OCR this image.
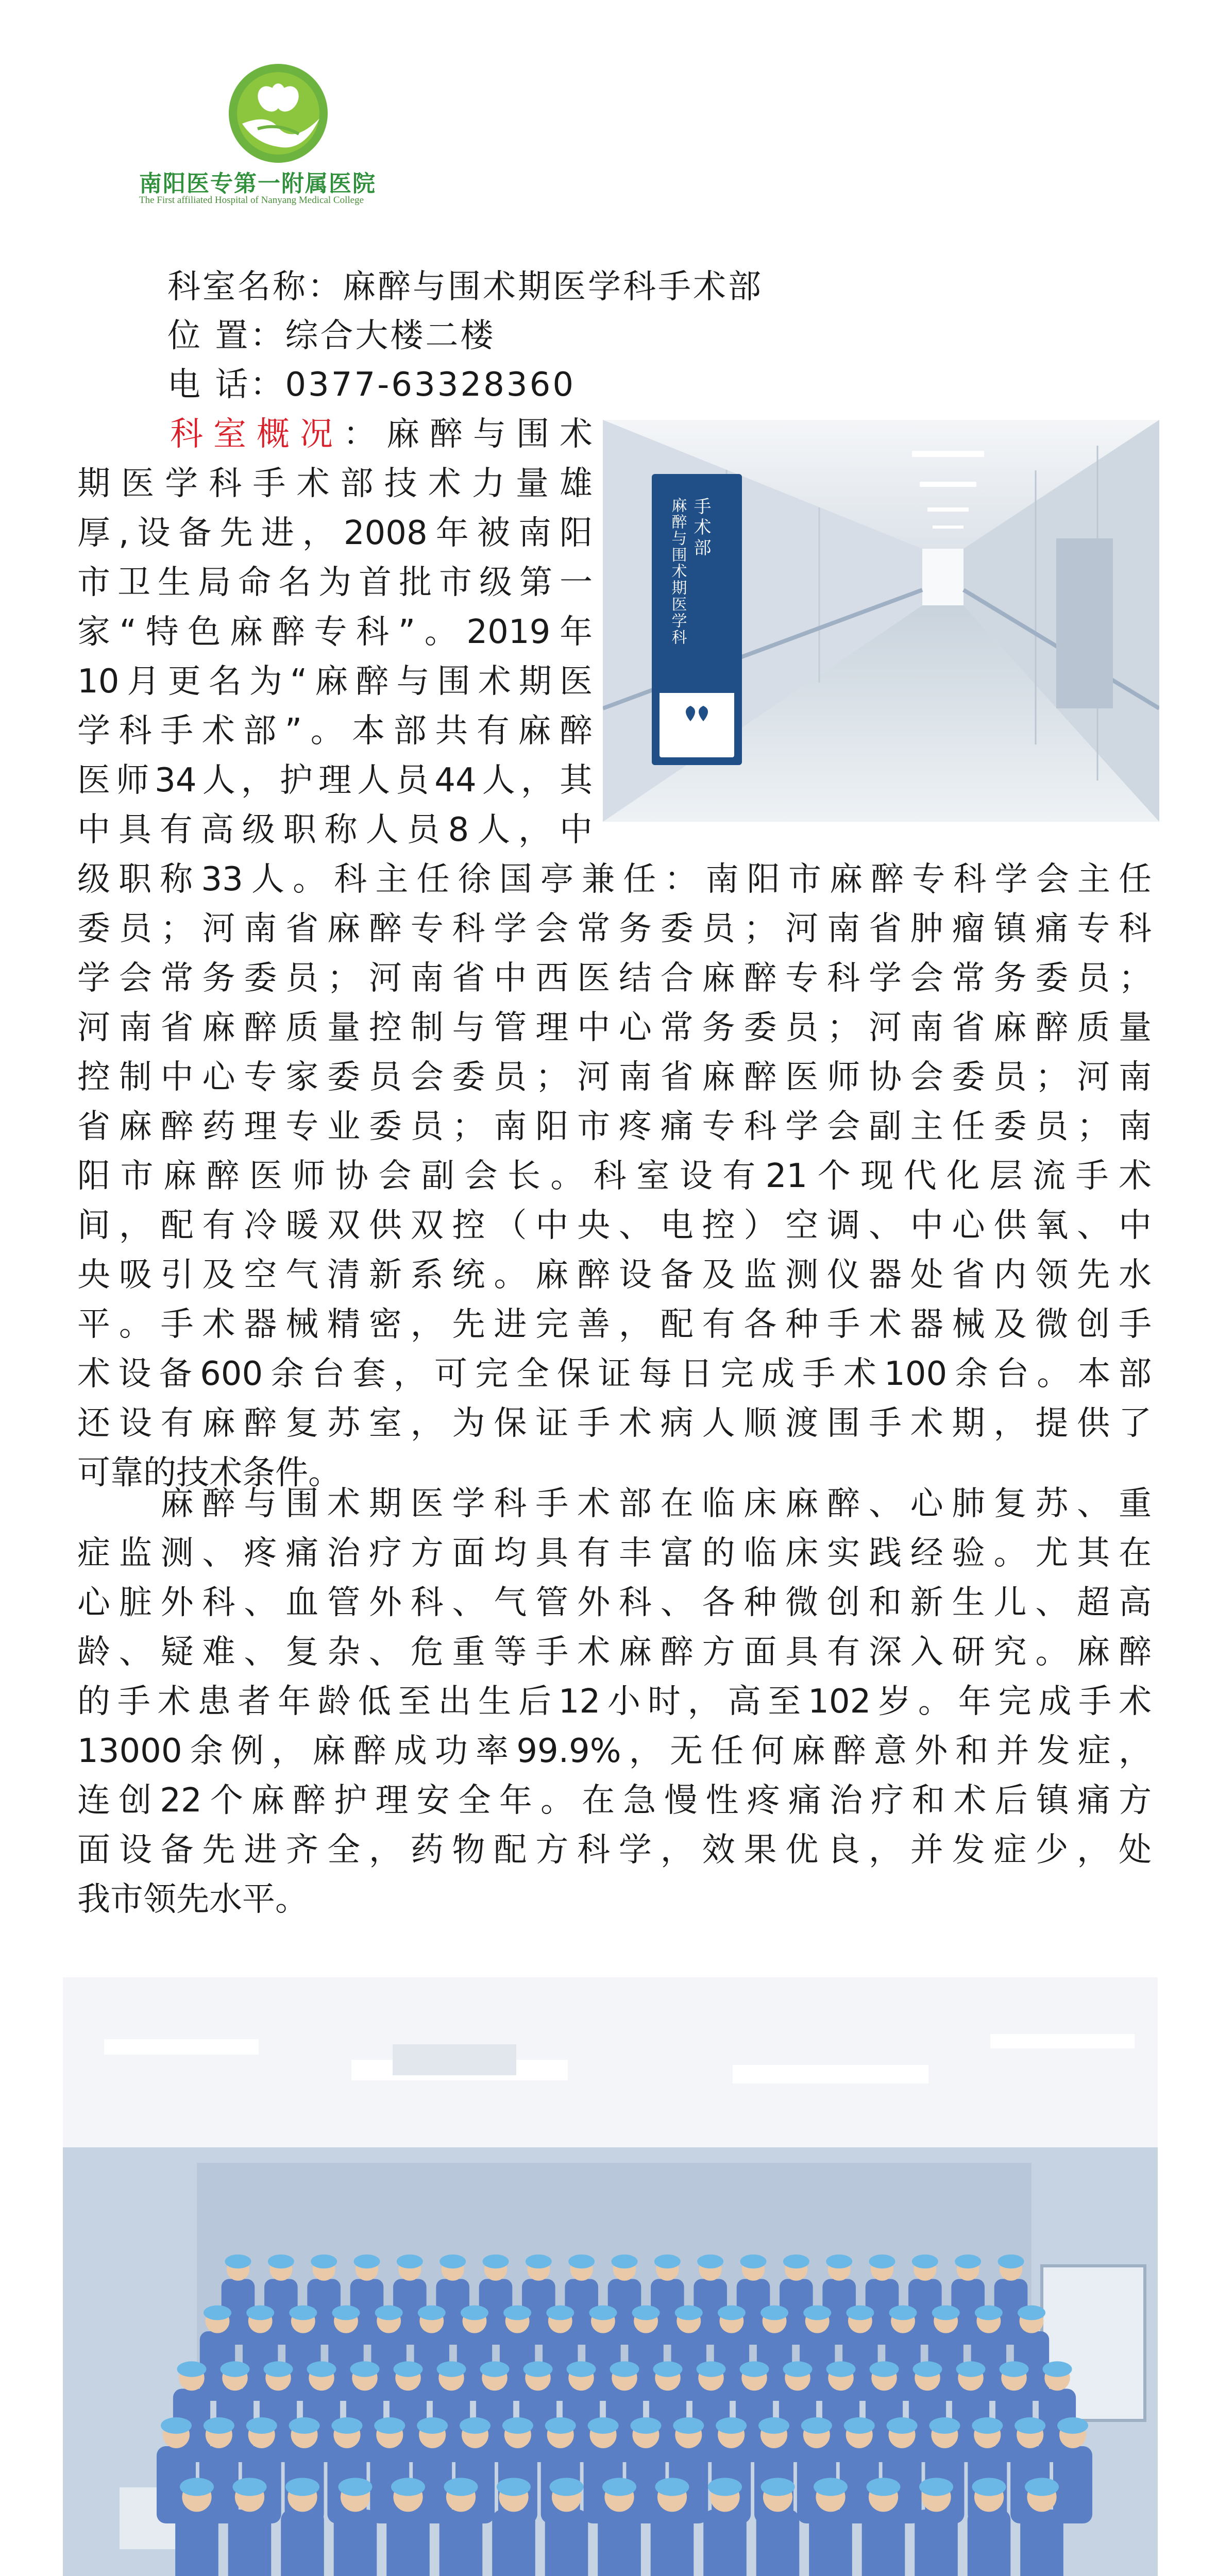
南阳医专第一附属医院
The First affiliated Hospital of Nanyang Medical College
科室名称：麻醉与围术期医学科手术部
位 置：综合大楼二楼
电 话：0377-63328360
科室概况：麻醉与围术
期医学科手术部技术力量雄
厚,设备先进，2008年被南阳
市卫生局命名为首批市级第一
家“特色麻醉专科”。2019年
10月更名为“麻醉与围术期医
学科手术部”。本部共有麻醉
医师34人，护理人员44人，其
中具有高级职称人员8人，中
手术部
麻醉与围术期医学科
级职称33人。科主任徐国亭兼任：南阳市麻醉专科学会主任
委员；河南省麻醉专科学会常务委员；河南省肿瘤镇痛专科
学会常务委员；河南省中西医结合麻醉专科学会常务委员；
河南省麻醉质量控制与管理中心常务委员；河南省麻醉质量
控制中心专家委员会委员；河南省麻醉医师协会委员；河南
省麻醉药理专业委员；南阳市疼痛专科学会副主任委员；南
阳市麻醉医师协会副会长。科室设有21个现代化层流手术
间，配有冷暖双供双控（中央、电控）空调、中心供氧、中
央吸引及空气清新系统。麻醉设备及监测仪器处省内领先水
平。手术器械精密，先进完善，配有各种手术器械及微创手
术设备600余台套，可完全保证每日完成手术100余台。本部
还设有麻醉复苏室，为保证手术病人顺渡围手术期，提供了
可靠的技术条件。
　　麻醉与围术期医学科手术部在临床麻醉、心肺复苏、重
症监测、疼痛治疗方面均具有丰富的临床实践经验。尤其在
心脏外科、血管外科、气管外科、各种微创和新生儿、超高
龄、疑难、复杂、危重等手术麻醉方面具有深入研究。麻醉
的手术患者年龄低至出生后12小时，高至102岁。年完成手术
13000余例，麻醉成功率99.9%，无任何麻醉意外和并发症，
连创22个麻醉护理安全年。在急慢性疼痛治疗和术后镇痛方
面设备先进齐全，药物配方科学，效果优良，并发症少，处
我市领先水平。
